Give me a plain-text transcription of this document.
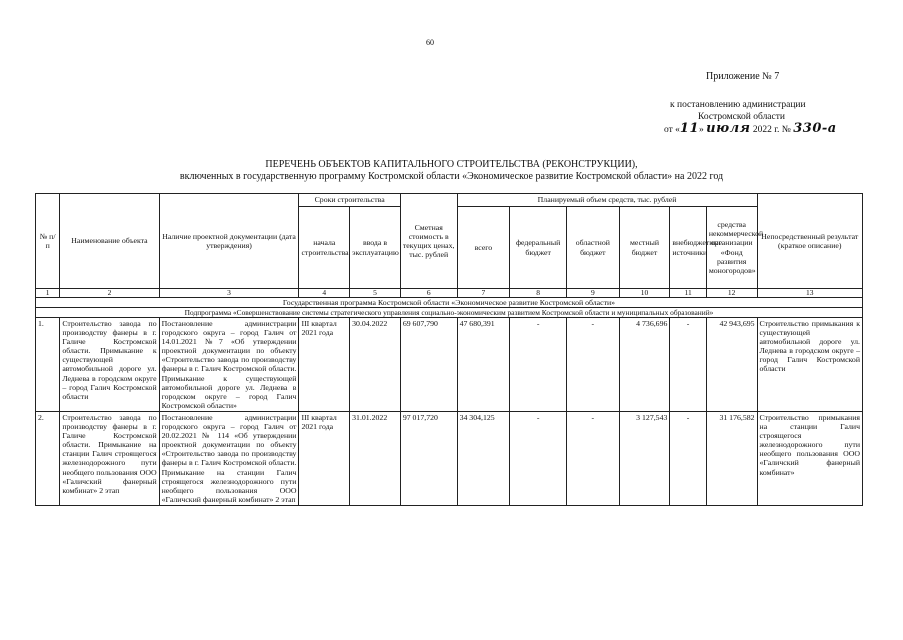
60
Приложение № 7
к постановлению администрации
Костромской области
от «11» июля 2022 г. № 330-а
ПЕРЕЧЕНЬ ОБЪЕКТОВ КАПИТАЛЬНОГО СТРОИТЕЛЬСТВА (РЕКОНСТРУКЦИИ),
включенных в государственную программу Костромской области «Экономическое развитие Костромской области» на 2022 год
№ п/п	Наименование объекта	Наличие проектной документации (дата утверждения)	Сроки строительства		Сметная стоимость в текущих ценах, тыс. рублей	Планируемый объем средств, тыс. рублей						Непосредственный результат (краткое описание)
			начала строительства	ввода в эксплуатацию		всего	федеральный бюджет	областной бюджет	местный бюджет	внебюджетные источники	средства некоммерческой организации «Фонд развития моногородов»	

1	2	3	4	5	6	7	8	9	10	11	12	13
Государственная программа Костромской области «Экономическое развитие Костромской области»												
Подпрограмма «Совершенствование системы стратегического управления социально-экономическим развитием Костромской области и муниципальных образований»												
1.	Строительство завода по производству фанеры в г. Галиче Костромской области. Примыкание к существующей автомобильной дороге ул. Леднева в городском округе – город Галич Костромской области	Постановление администрации городского округа – город Галич от 14.01.2021 №7 «Об утверждении проектной документации по объекту «Строительство завода по производству фанеры в г. Галич Костромской области. Примыкание к существующей автомобильной дороге ул. Леднева в городском округе – город Галич Костромской области»	III квартал 2021 года	30.04.2022	69 607,790	47 680,391	-	-	4 736,696	-	42 943,695	Строительство примыкания к существующей автомобильной дороге ул. Леднева в городском округе – город Галич Костромской области
2.	Строительство завода по производству фанеры в г. Галиче Костромской области. Примыкание на станции Галич строящегося железнодорожного пути необщего пользования ООО «Галичский фанерный комбинат» 2 этап	Постановление администрации городского округа – город Галич от 20.02.2021 № 114 «Об утверждении проектной документации по объекту «Строительство завода по производству фанеры в г. Галич Костромской области. Примыкание на станции Галич строящегося железнодорожного пути необщего пользования ООО «Галичский фанерный комбинат» 2 этап	III квартал 2021 года	31.01.2022	97 017,720	34 304,125	-	-	3 127,543	-	31 176,582	Строительство примыкания на станции Галич строящегося железнодорожного пути необщего пользования ООО «Галичский фанерный комбинат»
